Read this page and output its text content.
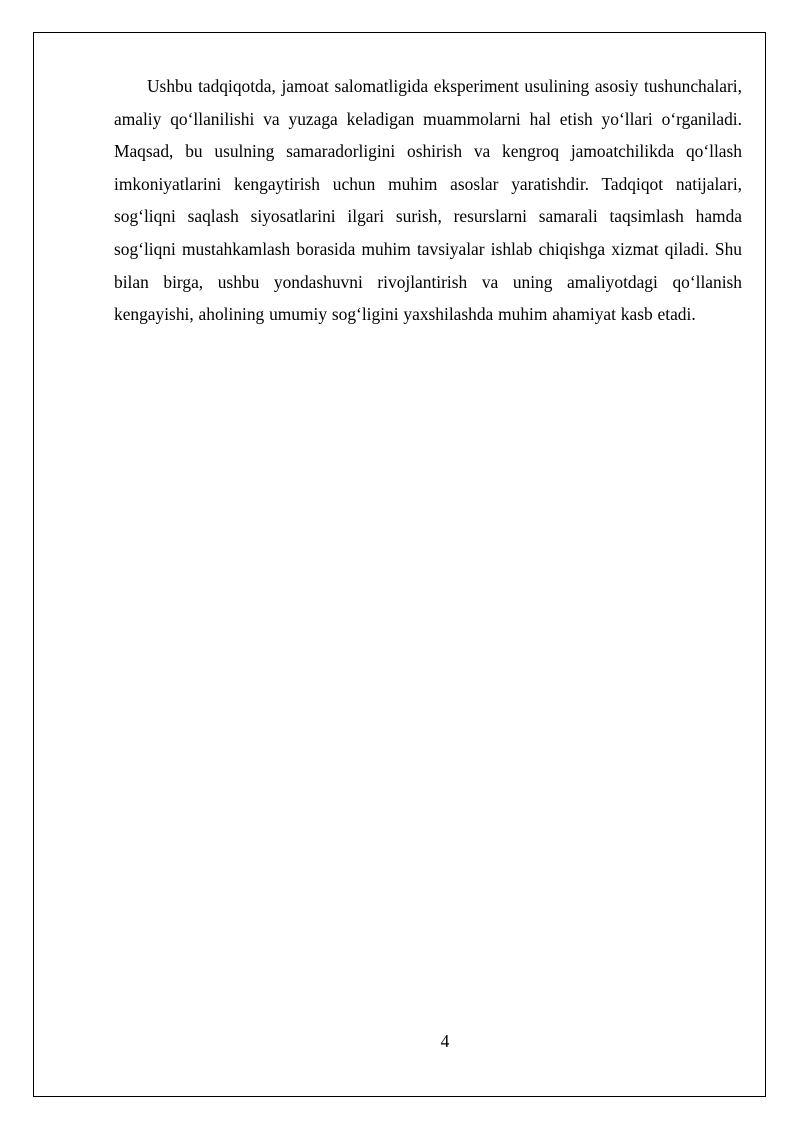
Ushbu tadqiqotda, jamoat salomatligida eksperiment usulining asosiy tushunchalari, amaliy qo‘llanilishi va yuzaga keladigan muammolarni hal etish yo‘llari o‘rganiladi. Maqsad, bu usulning samaradorligini oshirish va kengroq jamoatchilikda qo‘llash imkoniyatlarini kengaytirish uchun muhim asoslar yaratishdir. Tadqiqot natijalari, sog‘liqni saqlash siyosatlarini ilgari surish, resurslarni samarali taqsimlash hamda sog‘liqni mustahkamlash borasida muhim tavsiyalar ishlab chiqishga xizmat qiladi. Shu bilan birga, ushbu yondashuvni rivojlantirish va uning amaliyotdagi qo‘llanish kengayishi, aholining umumiy sog‘ligini yaxshilashda muhim ahamiyat kasb etadi.

4
